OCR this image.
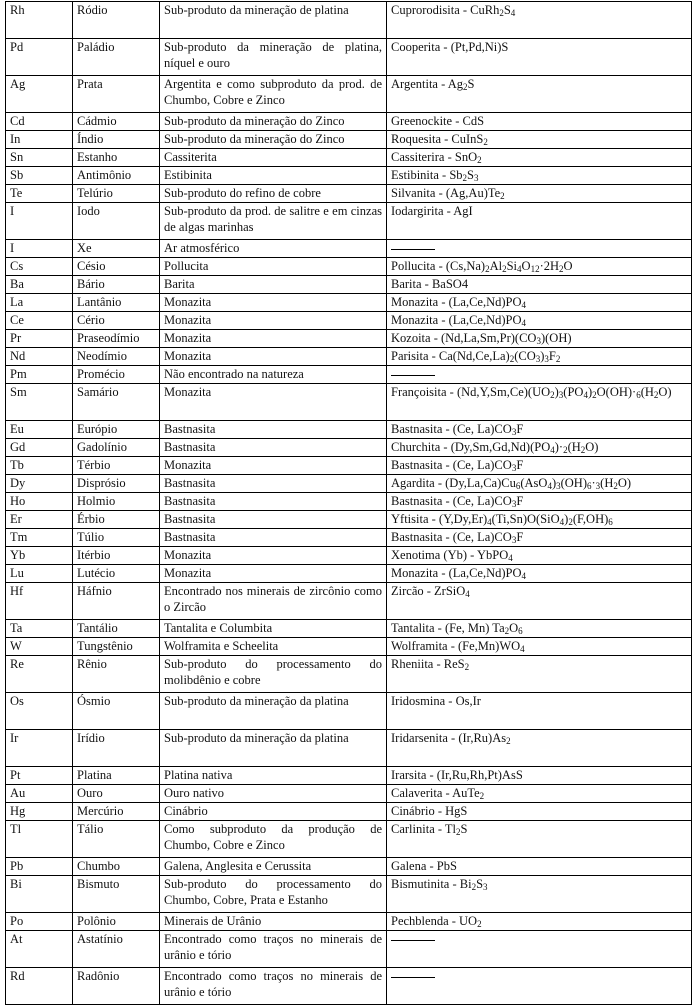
Rh	Ródio	Sub-produto da mineração de platina	Cuprorodisita - $CuRh_2S_4$
Pd	Paládio	Sub-produto da mineração de platina, níquel e ouro	Cooperita - (Pt,Pd,Ni)S
Ag	Prata	Argentita e como subproduto da prod. de Chumbo, Cobre e Zinco	Argentita - $Ag_2S$
Cd	Cádmio	Sub-produto da mineração do Zinco	Greenockite - CdS
In	Índio	Sub-produto da mineração do Zinco	Roquesita - CuInS$_2$
Sn	Estanho	Cassiterita	Cassiterira - SnO$_2$
Sb	Antimônio	Estibinita	Estibinita - $Sb_2S_3$
Te	Telúrio	Sub-produto do refino de cobre	Silvanita - $(Ag,Au)Te_2$
I	Iodo	Sub-produto da prod. de salitre e em cinzas de algas marinhas	Iodargirita - AgI
I	Xe	Ar atmosférico	
Cs	Césio	Pollucita	Pollucita - $(Cs,Na)_2Al_2Si_4O_{12}\cdot 2H_2O$
Ba	Bário	Barita	Barita - BaSO4
La	Lantânio	Monazita	Monazita - $(La,Ce,Nd)PO_4$
Ce	Cério	Monazita	Monazita - $(La,Ce,Nd)PO_4$
Pr	Praseodímio	Monazita	Kozoita - $(Nd,La,Sm,Pr)(CO_3)(OH)$
Nd	Neodímio	Monazita	Parisita - $Ca(Nd,Ce,La)_2(CO_3)_3F_2$
Pm	Promécio	Não encontrado na natureza	
Sm	Samário	Monazita	Françoisita - $(Nd,Y,Sm,Ce)(UO_2)_3(PO_4)_2O(OH)\cdot_6(H_2O)$
Eu	Európio	Bastnasita	Bastnasita - (Ce, $La)CO_3F$
Gd	Gadolínio	Bastnasita	Churchita - $(Dy,Sm,Gd,Nd)(PO_4)\cdot_2(H_2O)$
Tb	Térbio	Monazita	Bastnasita - (Ce, $La)CO_3F$
Dy	Disprósio	Bastnasita	Agardita - $(Dy,La,Ca)Cu_6(AsO_4)_3(OH)_6\cdot_3(H_2O)$
Ho	Holmio	Bastnasita	Bastnasita - (Ce, $La)CO_3F$
Er	Érbio	Bastnasita	Yftisita - $(Y,Dy,Er)_4(Ti,Sn)O(SiO_4)_2(F,OH)_6$
Tm	Túlio	Bastnasita	Bastnasita - (Ce, $La)CO_3F$
Yb	Itérbio	Monazita	Xenotima (Yb) - YbPO$_4$
Lu	Lutécio	Monazita	Monazita - $(La,Ce,Nd)PO_4$
Hf	Háfnio	Encontrado nos minerais de zircônio como o Zircão	Zircão - ZrSiO$_4$
Ta	Tantálio	Tantalita e Columbita	Tantalita - (Fe, Mn) $Ta_2O_6$
W	Tungstênio	Wolframita e Scheelita	Wolframita - $(Fe,Mn)WO_4$
Re	Rênio	Sub-produto do processamento do molibdênio e cobre	Rheniita - ReS$_2$
Os	Ósmio	Sub-produto da mineração da platina	Iridosmina - Os,Ir
Ir	Irídio	Sub-produto da mineração da platina	Iridarsenita - $(Ir,Ru)As_2$
Pt	Platina	Platina nativa	Irarsita - (Ir,Ru,Rh,Pt)AsS
Au	Ouro	Ouro nativo	Calaverita - AuTe$_2$
Hg	Mercúrio	Cinábrio	Cinábrio - HgS
Tl	Tálio	Como subproduto da produção de Chumbo, Cobre e Zinco	Carlinita - $Tl_2S$
Pb	Chumbo	Galena, Anglesita e Cerussita	Galena - PbS
Bi	Bismuto	Sub-produto do processamento do Chumbo, Cobre, Prata e Estanho	Bismutinita - $Bi_2S_3$
Po	Polônio	Minerais de Urânio	Pechblenda - $UO_2$
At	Astatínio	Encontrado como traços no minerais de urânio e tório	
Rd	Radônio	Encontrado como traços no minerais de urânio e tório	
